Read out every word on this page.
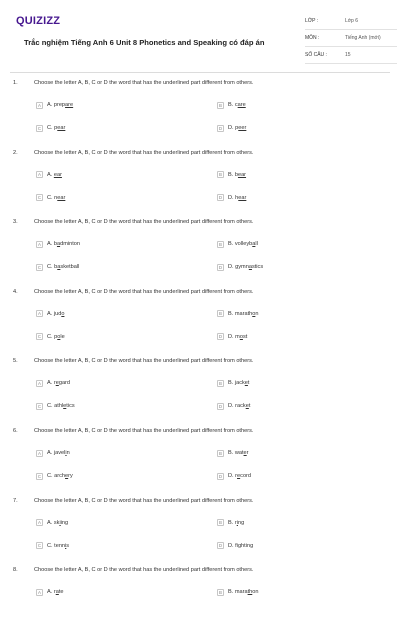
QUIZIZZ
Trắc nghiệm Tiếng Anh 6 Unit 8 Phonetics and Speaking có đáp án
LỚP :	Lớp 6
MÔN :	Tiếng Anh (mới)
SỐ CÂU :	15
1.	Choose the letter A, B, C or D the word that has the underlined part different from others.
A	A. prepare	B	B. care
C	C. pear	D	D. peer
2.	Choose the letter A, B, C or D the word that has the underlined part different from others.
A	A. ear	B	B. bear
C	C. near	D	D. hear
3.	Choose the letter A, B, C or D the word that has the underlined part different from others.
A	A. badminton	B	B. volleyball
C	C. basketball	D	D. gymnastics
4.	Choose the letter A, B, C or D the word that has the underlined part different from others.
A	A. judo	B	B. marathon
C	C. pole	D	D. most
5.	Choose the letter A, B, C or D the word that has the underlined part different from others.
A	A. regard	B	B. jacket
C	C. athletics	D	D. racket
6.	Choose the letter A, B, C or D the word that has the underlined part different from others.
A	A. javelin	B	B. water
C	C. archery	D	D. record
7.	Choose the letter A, B, C or D the word that has the underlined part different from others.
A	A. skiing	B	B. ring
C	C. tennis	D	D. fighting
8.	Choose the letter A, B, C or D the word that has the underlined part different from others.
A	A. rate	B	B. marathon
